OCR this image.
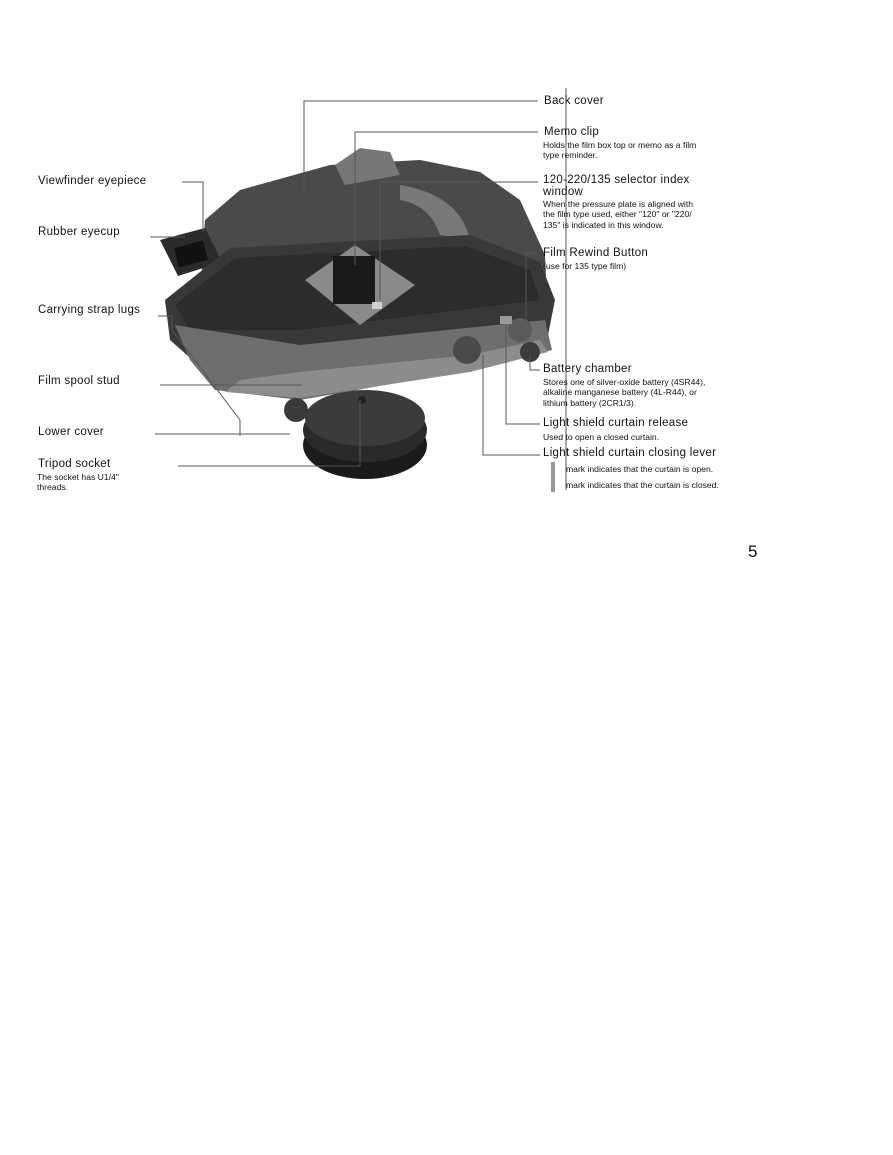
Viewfinder eyepiece
Rubber eyecup
Carrying strap lugs
Film spool stud
Lower cover
Tripod socket
The socket has U1/4"
threads.
Back cover
Memo clip
Holds the film box top or memo as a film
type reminder.
120-220/135 selector index
window
When the pressure plate is aligned with
the film type used, either "120" or "220/
135" is indicated in this window.
Film Rewind Button
(use for 135 type film)
Battery chamber
Stores one of silver-oxide battery (4SR44),
alkaline manganese battery (4L-R44), or
lithium battery (2CR1/3).
Light shield curtain release
Used to open a closed curtain.
Light shield curtain closing lever
mark indicates that the curtain is open.
mark indicates that the curtain is closed.
5
